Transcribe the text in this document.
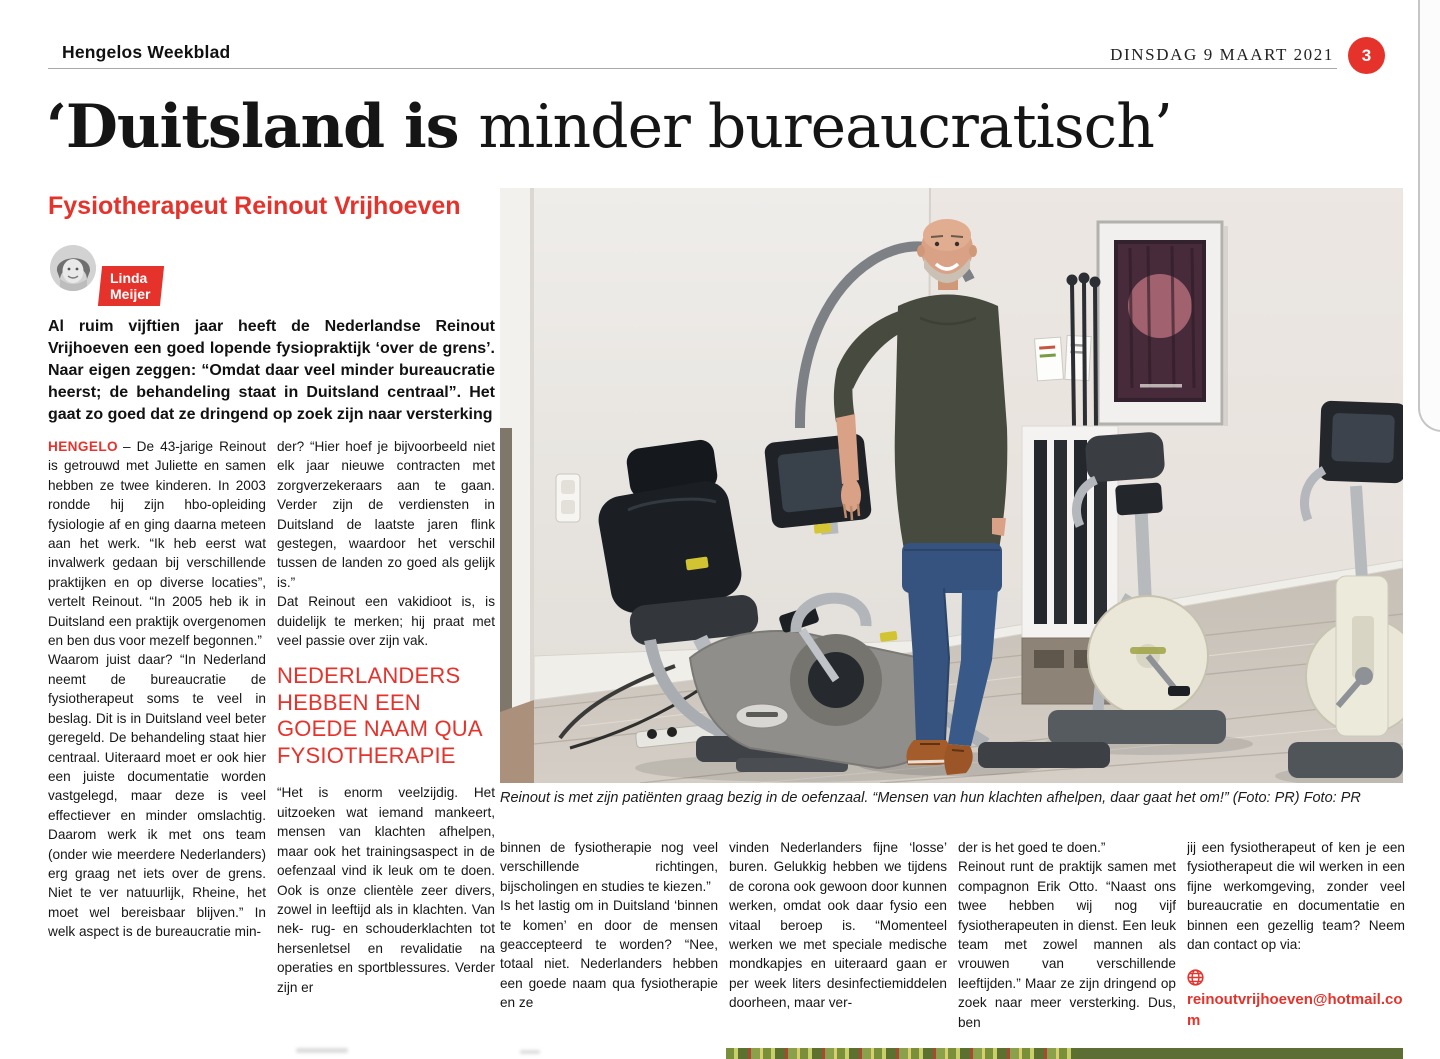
Hengelos Weekblad	DINSDAG 9 MAART 2021	3
‘Duitsland is minder bureaucratisch’
Fysiotherapeut Reinout Vrijhoeven
Linda Meijer
Al ruim vijftien jaar heeft de Nederlandse Reinout Vrijhoeven een goed lopende fysiopraktijk ‘over de grens’. Naar eigen zeggen: “Omdat daar veel minder bureaucratie heerst; de behandeling staat in Duitsland centraal”. Het gaat zo goed dat ze dringend op zoek zijn naar versterking

HENGELO – De 43-jarige Reinout is getrouwd met Juliette en samen hebben ze twee kinderen. In 2003 rondde hij zijn hbo-opleiding fysiologie af en ging daarna meteen aan het werk. “Ik heb eerst wat invalwerk gedaan bij verschillende praktijken en op diverse locaties”, vertelt Reinout. “In 2005 heb ik in Duitsland een praktijk overgenomen en ben dus voor mezelf begonnen.”

Waarom juist daar? “In Nederland neemt de bureaucratie de fysiotherapeut soms te veel in beslag. Dit is in Duitsland veel beter geregeld. De behandeling staat hier centraal. Uiteraard moet er ook hier een juiste documentatie worden vastgelegd, maar deze is veel effectiever en minder omslachtig. Daarom werk ik met ons team (onder wie meerdere Nederlanders) erg graag net iets over de grens. Niet te ver natuurlijk, Rheine, het moet wel bereisbaar blijven.” In welk aspect is de bureaucratie min-

der? “Hier hoef je bijvoorbeeld niet elk jaar nieuwe contracten met zorgverzekeraars aan te gaan. Verder zijn de verdiensten in Duitsland de laatste jaren flink gestegen, waardoor het verschil tussen de landen zo goed als gelijk is.”

Dat Reinout een vakidioot is, is duidelijk te merken; hij praat met veel passie over zijn vak.

NEDERLANDERS HEBBEN EEN GOEDE NAAM QUA FYSIOTHERAPIE

“Het is enorm veelzijdig. Het uitzoeken wat iemand mankeert, mensen van klachten afhelpen, maar ook het trainingsaspect in de oefenzaal vind ik leuk om te doen. Ook is onze clientèle zeer divers, zowel in leeftijd als in klachten. Van nek- rug- en schouderklachten tot hersenletsel en revalidatie na operaties en sportblessures. Verder zijn er

Reinout is met zijn patiënten graag bezig in de oefenzaal. “Mensen van hun klachten afhelpen, daar gaat het om!” (Foto: PR) Foto: PR

binnen de fysiotherapie nog veel verschillende richtingen, bijscholingen en studies te kiezen.”

Is het lastig om in Duitsland ‘binnen te komen’ en door de mensen geaccepteerd te worden? “Nee, totaal niet. Nederlanders hebben een goede naam qua fysiotherapie en ze

vinden Nederlanders fijne ‘losse’ buren. Gelukkig hebben we tijdens de corona ook gewoon door kunnen werken, omdat ook daar fysio een vitaal beroep is. “Momenteel werken we met speciale medische mondkapjes en uiteraard gaan er per week liters desinfectiemiddelen doorheen, maar ver-

der is het goed te doen.”

Reinout runt de praktijk samen met compagnon Erik Otto. “Naast ons twee hebben wij nog vijf fysiotherapeuten in dienst. Een leuk team met zowel mannen als vrouwen van verschillende leeftijden.” Maar ze zijn dringend op zoek naar meer versterking. Dus, ben

jij een fysiotherapeut of ken je een fysiotherapeut die wil werken in een fijne werkomgeving, zonder veel bureaucratie en documentatie en binnen een gezellig team? Neem dan contact op via:

reinoutvrijhoeven@hotmail.com
